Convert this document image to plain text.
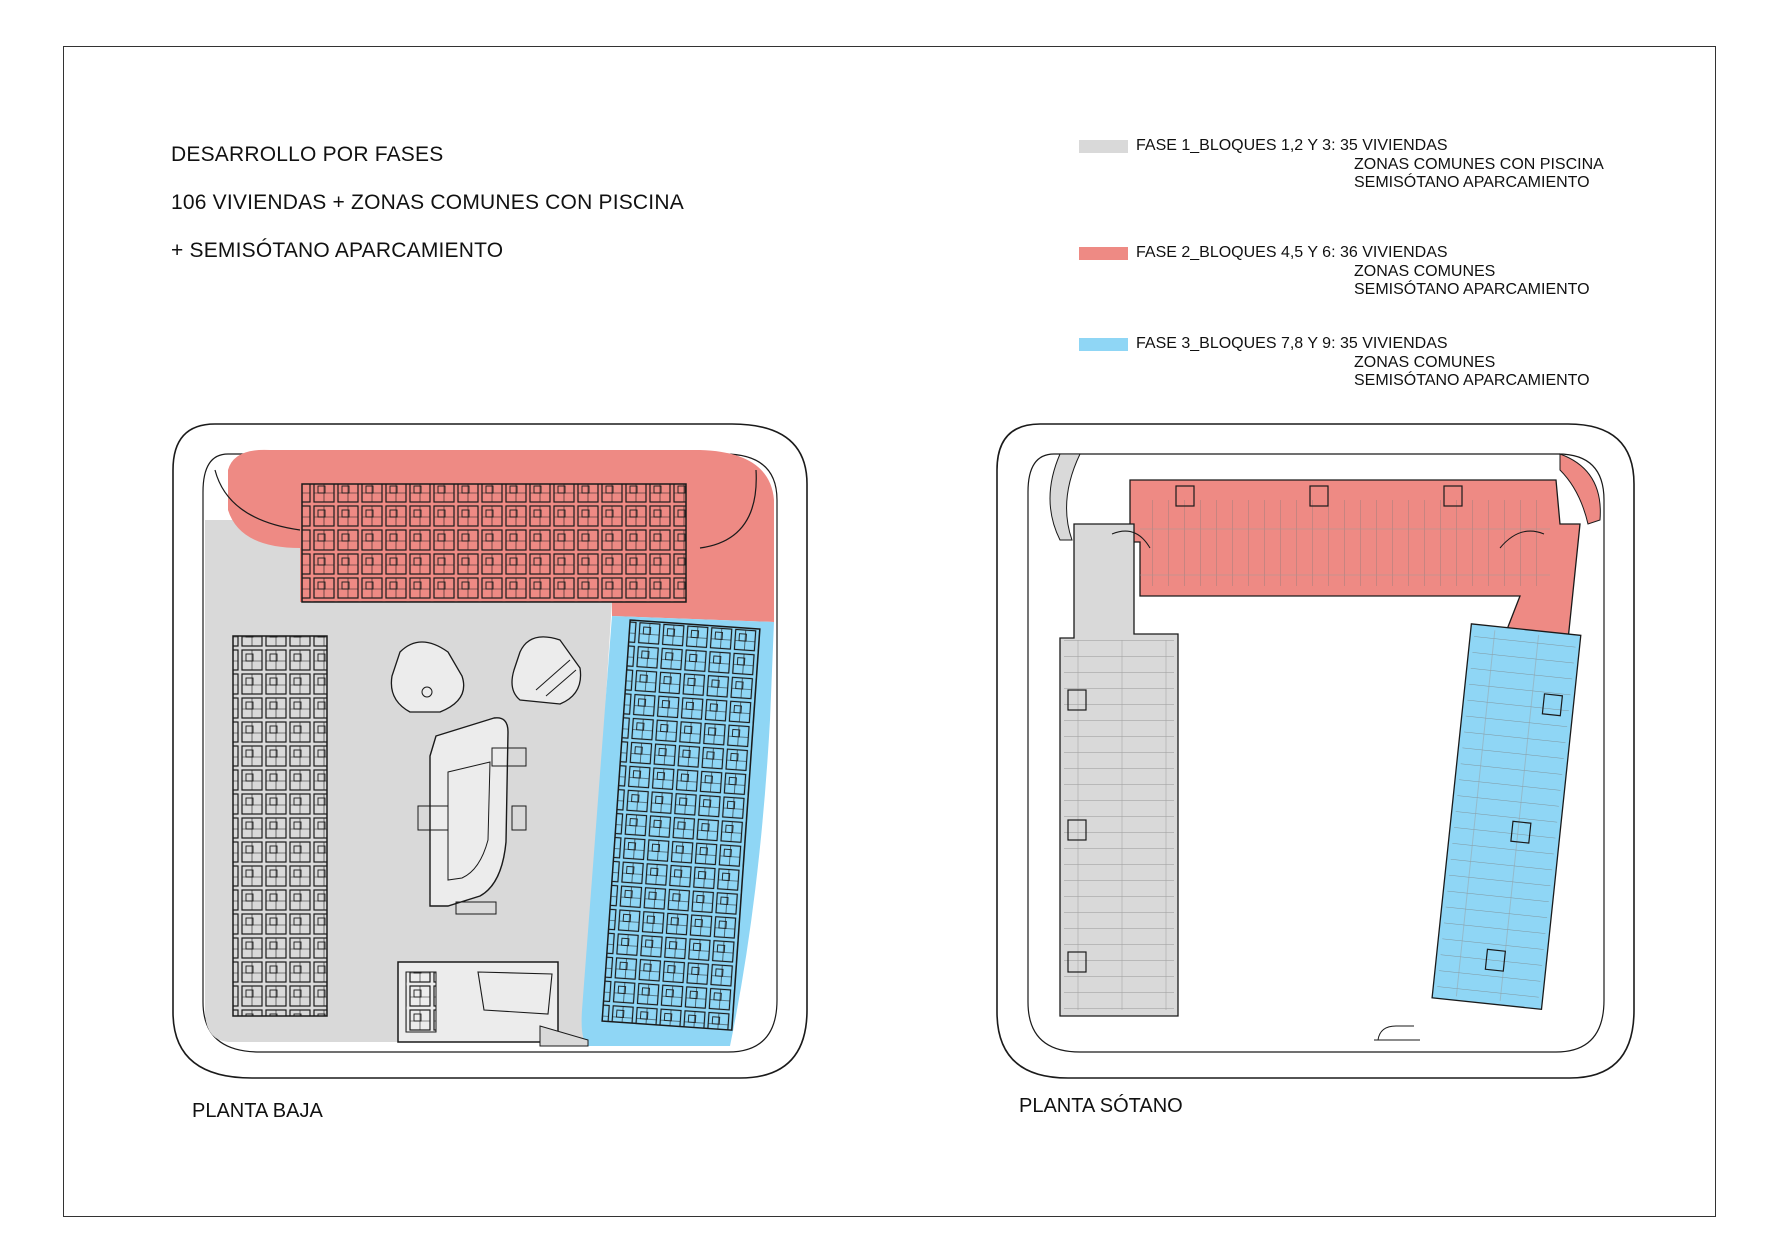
DESARROLLO POR FASES
106 VIVIENDAS + ZONAS COMUNES CON PISCINA
+ SEMISÓTANO APARCAMIENTO
FASE 1_BLOQUES 1,2 Y 3: 35 VIVIENDAS
ZONAS COMUNES CON PISCINA
SEMISÓTANO APARCAMIENTO
FASE 2_BLOQUES 4,5 Y 6: 36 VIVIENDAS
ZONAS COMUNES
SEMISÓTANO APARCAMIENTO
FASE 3_BLOQUES 7,8 Y 9: 35 VIVIENDAS
ZONAS COMUNES
SEMISÓTANO APARCAMIENTO
PLANTA BAJA	PLANTA SÓTANO
